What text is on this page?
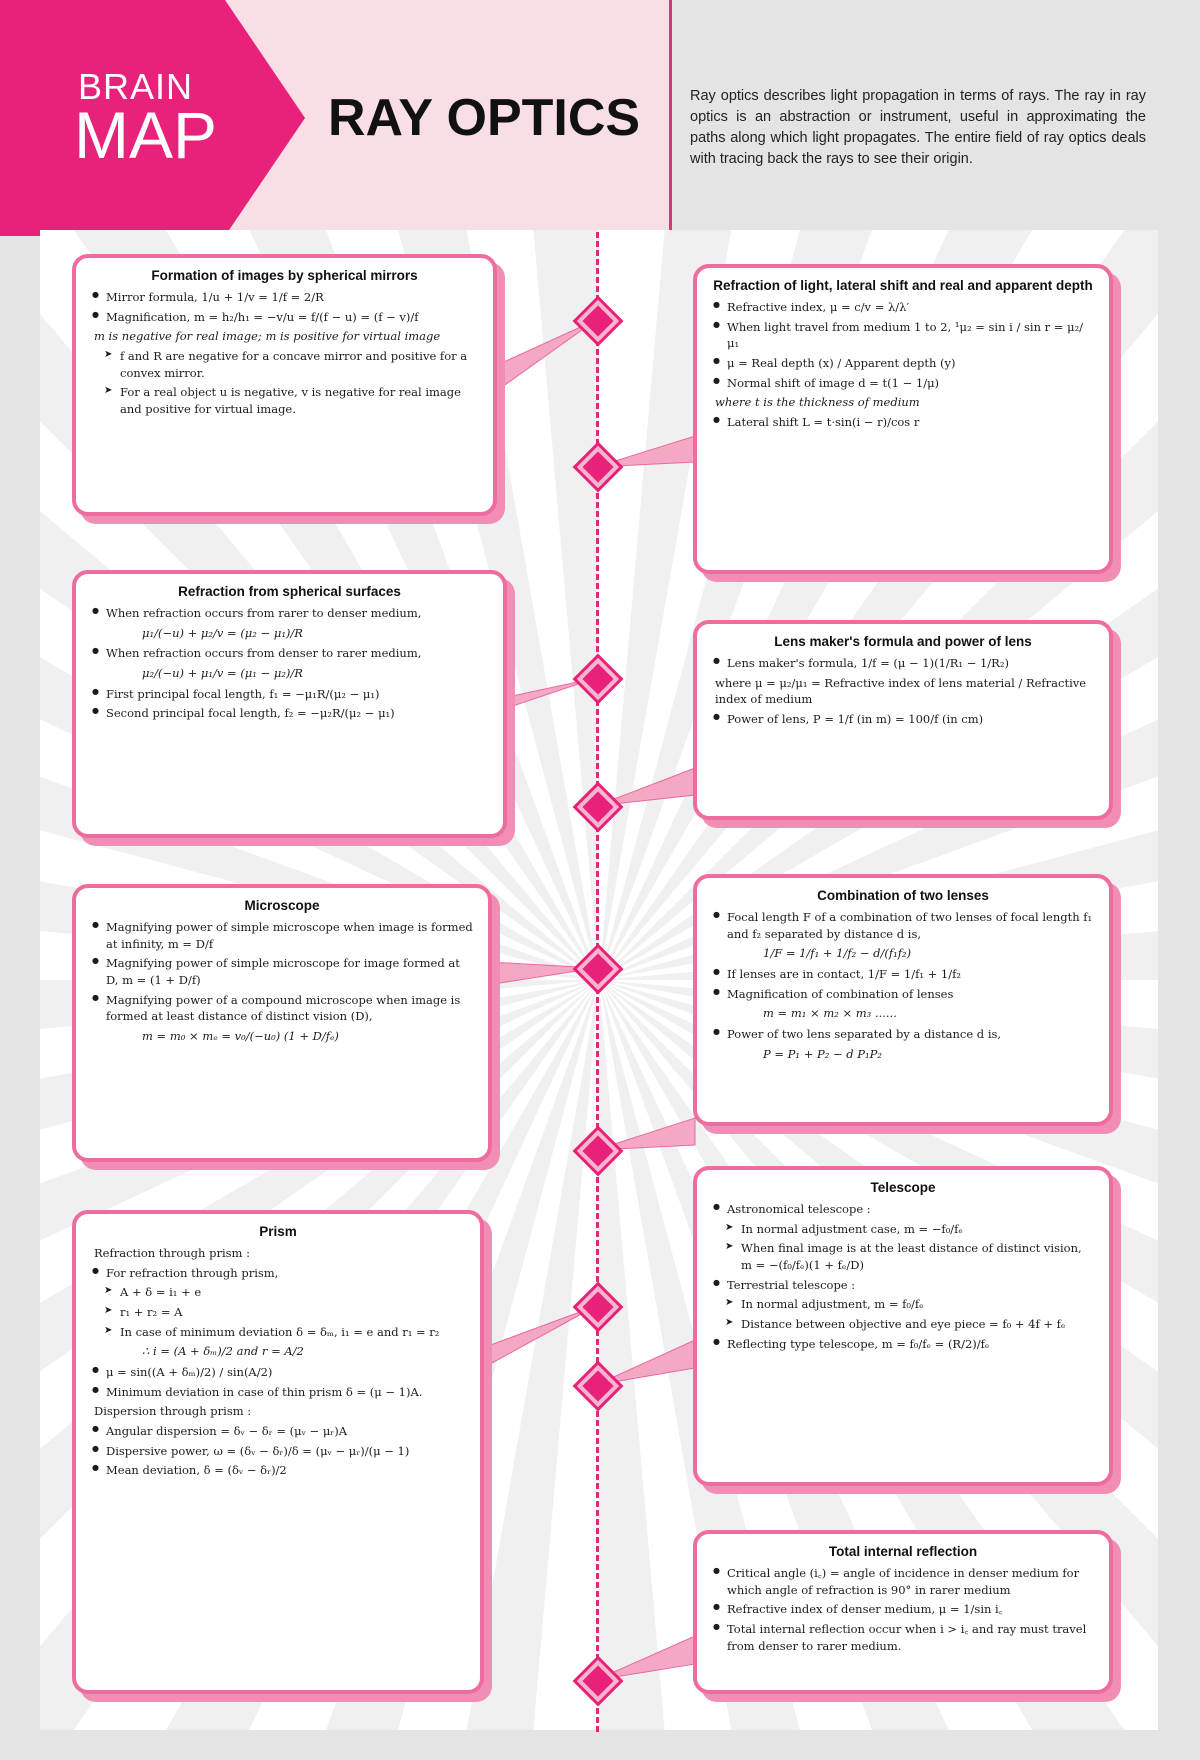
BRAIN
MAP RAY OPTICS	Ray optics describes light propagation in terms of rays. The ray in ray optics is an abstraction or instrument, useful in approximating the paths along which light propagates. The entire field of ray optics deals with tracing back the rays to see their origin.
Formation of images by spherical mirrors
● Mirror formula, 1/u + 1/v = 1/f = 2/R
● Magnification, m = h₂/h₁ = −v/u = f/(f − u) = (f − v)/f
m is negative for real image; m is positive for virtual image
➤ f and R are negative for a concave mirror and positive for a convex mirror.
➤ For a real object u is negative, v is negative for real image and positive for virtual image.
Refraction from spherical surfaces
● When refraction occurs from rarer to denser medium,
μ₁/(−u) + μ₂/v = (μ₂ − μ₁)/R
● When refraction occurs from denser to rarer medium,
μ₂/(−u) + μ₁/v = (μ₁ − μ₂)/R
● First principal focal length, f₁ = −μ₁R/(μ₂ − μ₁)
● Second principal focal length, f₂ = −μ₂R/(μ₂ − μ₁)
Microscope
● Magnifying power of simple microscope when image is formed at infinity, m = D/f
● Magnifying power of simple microscope for image formed at D, m = (1 + D/f)
● Magnifying power of a compound microscope when image is formed at least distance of distinct vision (D),
m = m₀ × mₑ = v₀/(−u₀) (1 + D/fₑ)
Prism
Refraction through prism :
● For refraction through prism,
➤ A + δ = i₁ + e
➤ r₁ + r₂ = A
➤ In case of minimum deviation δ = δₘ, i₁ = e and r₁ = r₂
∴ i = (A + δₘ)/2 and r = A/2
● μ = sin((A + δₘ)/2) / sin(A/2)
● Minimum deviation in case of thin prism δ = (μ − 1)A.
Dispersion through prism :
● Angular dispersion = δᵥ − δᵣ = (μᵥ − μᵣ)A
● Dispersive power, ω = (δᵥ − δᵣ)/δ = (μᵥ − μᵣ)/(μ − 1)
● Mean deviation, δ = (δᵥ − δᵣ)/2
Refraction of light, lateral shift and real and apparent depth
● Refractive index, μ = c/v = λ/λ′
● When light travel from medium 1 to 2, ¹μ₂ = sin i / sin r = μ₂/μ₁
● μ = Real depth (x) / Apparent depth (y)
● Normal shift of image d = t(1 − 1/μ)
where t is the thickness of medium
● Lateral shift L = t·sin(i − r)/cos r
Lens maker's formula and power of lens
● Lens maker's formula, 1/f = (μ − 1)(1/R₁ − 1/R₂)
where μ = μ₂/μ₁ = Refractive index of lens material / Refractive index of medium
● Power of lens, P = 1/f (in m) = 100/f (in cm)
Combination of two lenses
● Focal length F of a combination of two lenses of focal length f₁ and f₂ separated by distance d is,
1/F = 1/f₁ + 1/f₂ − d/(f₁f₂)
● If lenses are in contact, 1/F = 1/f₁ + 1/f₂
● Magnification of combination of lenses
m = m₁ × m₂ × m₃ ......
● Power of two lens separated by a distance d is,
P = P₁ + P₂ − d P₁P₂
Telescope
● Astronomical telescope :
➤ In normal adjustment case, m = −f₀/fₑ
➤ When final image is at the least distance of distinct vision, m = −(f₀/fₑ)(1 + fₑ/D)
● Terrestrial telescope :
➤ In normal adjustment, m = f₀/fₑ
➤ Distance between objective and eye piece = f₀ + 4f + fₑ
● Reflecting type telescope, m = f₀/fₑ = (R/2)/fₑ
Total internal reflection
● Critical angle (i꜀) = angle of incidence in denser medium for which angle of refraction is 90° in rarer medium
● Refractive index of denser medium, μ = 1/sin i꜀
● Total internal reflection occur when i > i꜀ and ray must travel from denser to rarer medium.
